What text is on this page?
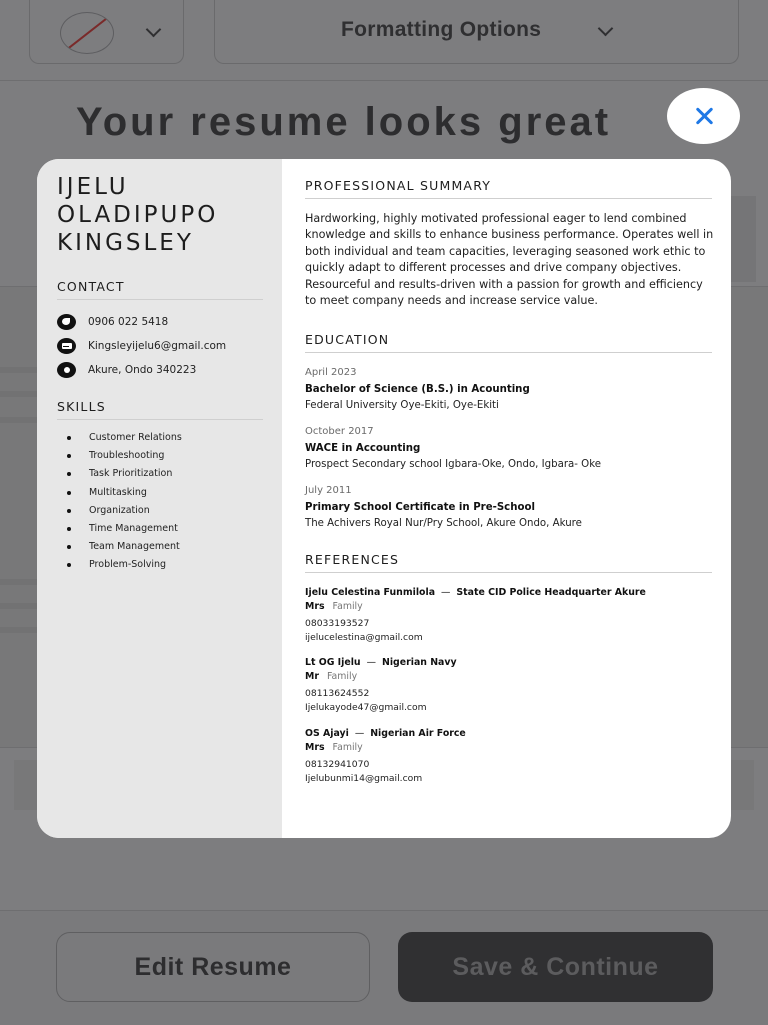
Formatting Options
Your resume looks great
Edit Resume	Save & Continue
IJELU
OLADIPUPO
KINGSLEY
CONTACT
0906 022 5418
Kingsleyijelu6@gmail.com
Akure, Ondo 340223
SKILLS
Customer Relations
Troubleshooting
Task Prioritization
Multitasking
Organization
Time Management
Team Management
Problem-Solving
PROFESSIONAL SUMMARY
Hardworking, highly motivated professional eager to lend combined knowledge and skills to enhance business performance. Operates well in both individual and team capacities, leveraging seasoned work ethic to quickly adapt to different processes and drive company objectives. Resourceful and results-driven with a passion for growth and efficiency to meet company needs and increase service value.
EDUCATION
April 2023
Bachelor of Science (B.S.) in Acounting
Federal University Oye-Ekiti, Oye-Ekiti
October 2017
WACE in Accounting
Prospect Secondary school Igbara-Oke, Ondo, Igbara- Oke
July 2011
Primary School Certificate in Pre-School
The Achivers Royal Nur/Pry School, Akure Ondo, Akure
REFERENCES
Ijelu Celestina Funmilola — State CID Police Headquarter Akure
Mrs Family
08033193527
ijelucelestina@gmail.com
Lt OG Ijelu — Nigerian Navy
Mr Family
08113624552
Ijelukayode47@gmail.com
OS Ajayi — Nigerian Air Force
Mrs Family
08132941070
Ijelubunmi14@gmail.com
